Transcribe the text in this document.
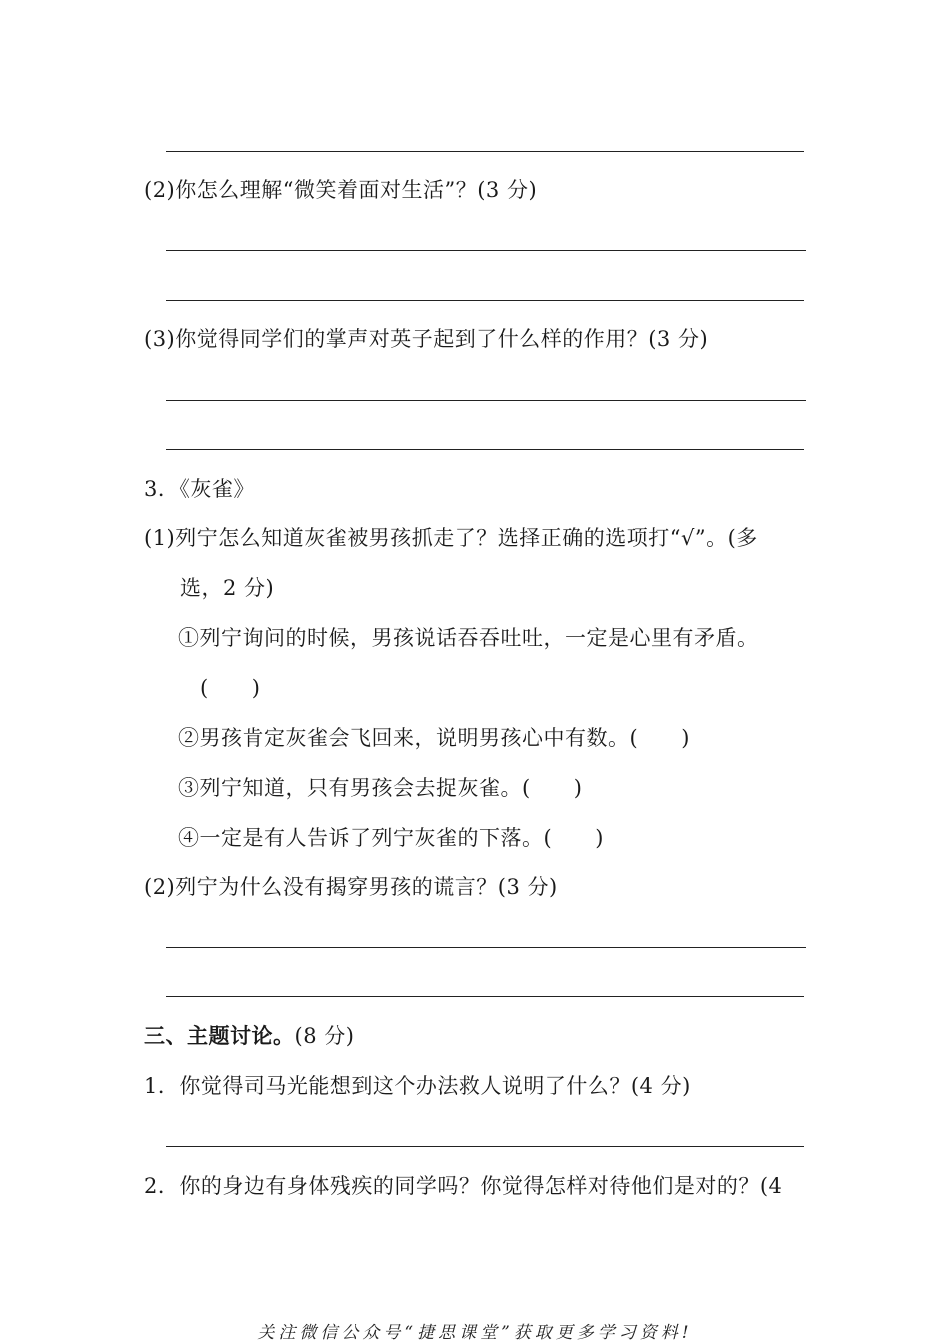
(2)你怎么理解“微笑着面对生活”？(3 分)
(3)你觉得同学们的掌声对英子起到了什么样的作用？(3 分)
3．《灰雀》
(1)列宁怎么知道灰雀被男孩抓走了？选择正确的选项打“√”。(多
选，2 分)
①列宁询问的时候，男孩说话吞吞吐吐，一定是心里有矛盾。
(　　)
②男孩肯定灰雀会飞回来，说明男孩心中有数。(　　)
③列宁知道，只有男孩会去捉灰雀。(　　)
④一定是有人告诉了列宁灰雀的下落。(　　)
(2)列宁为什么没有揭穿男孩的谎言？(3 分)
三、主题讨论。(8 分)
1．你觉得司马光能想到这个办法救人说明了什么？(4 分)
2．你的身边有身体残疾的同学吗？你觉得怎样对待他们是对的？(4
关注微信公众号“捷思课堂”获取更多学习资料!
